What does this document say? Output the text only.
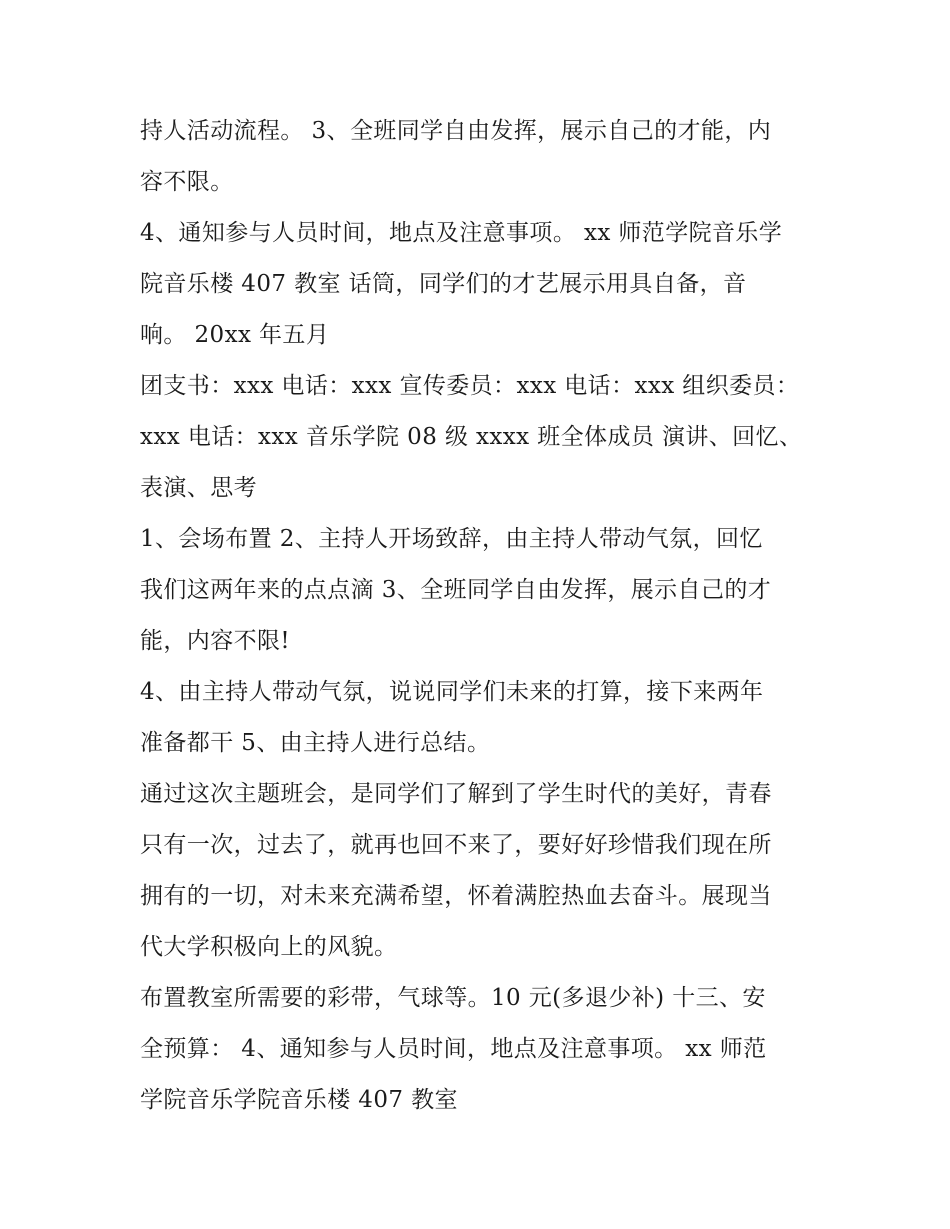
持人活动流程。 3、全班同学自由发挥，展示自己的才能，内
容不限。
4、通知参与人员时间，地点及注意事项。 xx 师范学院音乐学
院音乐楼 407 教室 话筒，同学们的才艺展示用具自备，音
响。 20xx 年五月
团支书：xxx 电话：xxx 宣传委员：xxx 电话：xxx 组织委员：
xxx 电话：xxx 音乐学院 08 级 xxxx 班全体成员 演讲、回忆、
表演、思考
1、会场布置 2、主持人开场致辞，由主持人带动气氛，回忆
我们这两年来的点点滴 3、全班同学自由发挥，展示自己的才
能，内容不限!
4、由主持人带动气氛，说说同学们未来的打算，接下来两年
准备都干 5、由主持人进行总结。
通过这次主题班会，是同学们了解到了学生时代的美好，青春
只有一次，过去了，就再也回不来了，要好好珍惜我们现在所
拥有的一切，对未来充满希望，怀着满腔热血去奋斗。展现当
代大学积极向上的风貌。
布置教室所需要的彩带，气球等。10 元(多退少补) 十三、安
全预算： 4、通知参与人员时间，地点及注意事项。 xx 师范
学院音乐学院音乐楼 407 教室
